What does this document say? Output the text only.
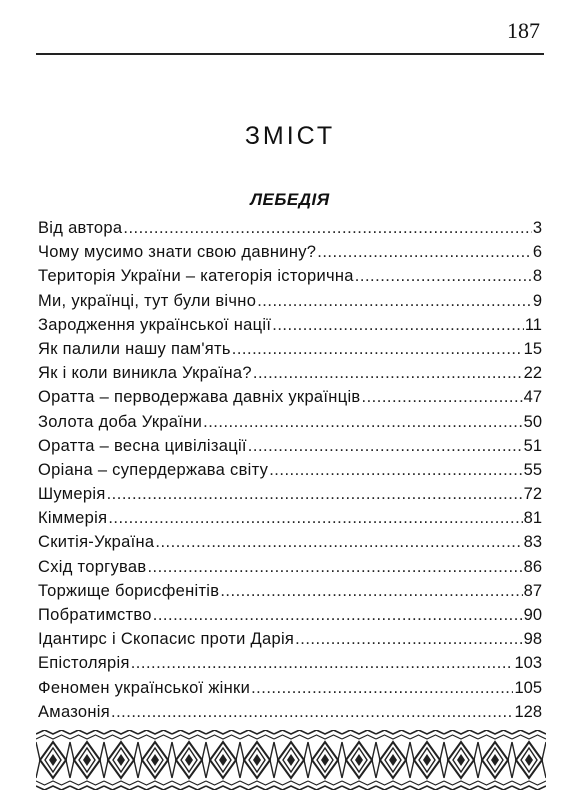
187
ЗМІСТ
ЛЕБЕДІЯ
Від автора .....	3
Чому мусимо знати свою давнину? .....	6
Територія України – категорія історична .....	8
Ми, українці, тут були вічно .....	9
Зародження української нації .....	11
Як палили нашу пам'ять .....	15
Як і коли виникла Україна? .....	22
Оратта – перводержава давніх українців .....	47
Золота доба України .....	50
Оратта – весна цивілізації .....	51
Оріана – супердержава світу .....	55
Шумерія .....	72
Кіммерія .....	81
Скитія-Україна .....	83
Схід торгував .....	86
Торжище борисфенітів .....	87
Побратимство .....	90
Ідантирс і Скопасис проти Дарія .....	98
Епістолярія .....	103
Феномен української жінки .....	105
Амазонія .....	128
